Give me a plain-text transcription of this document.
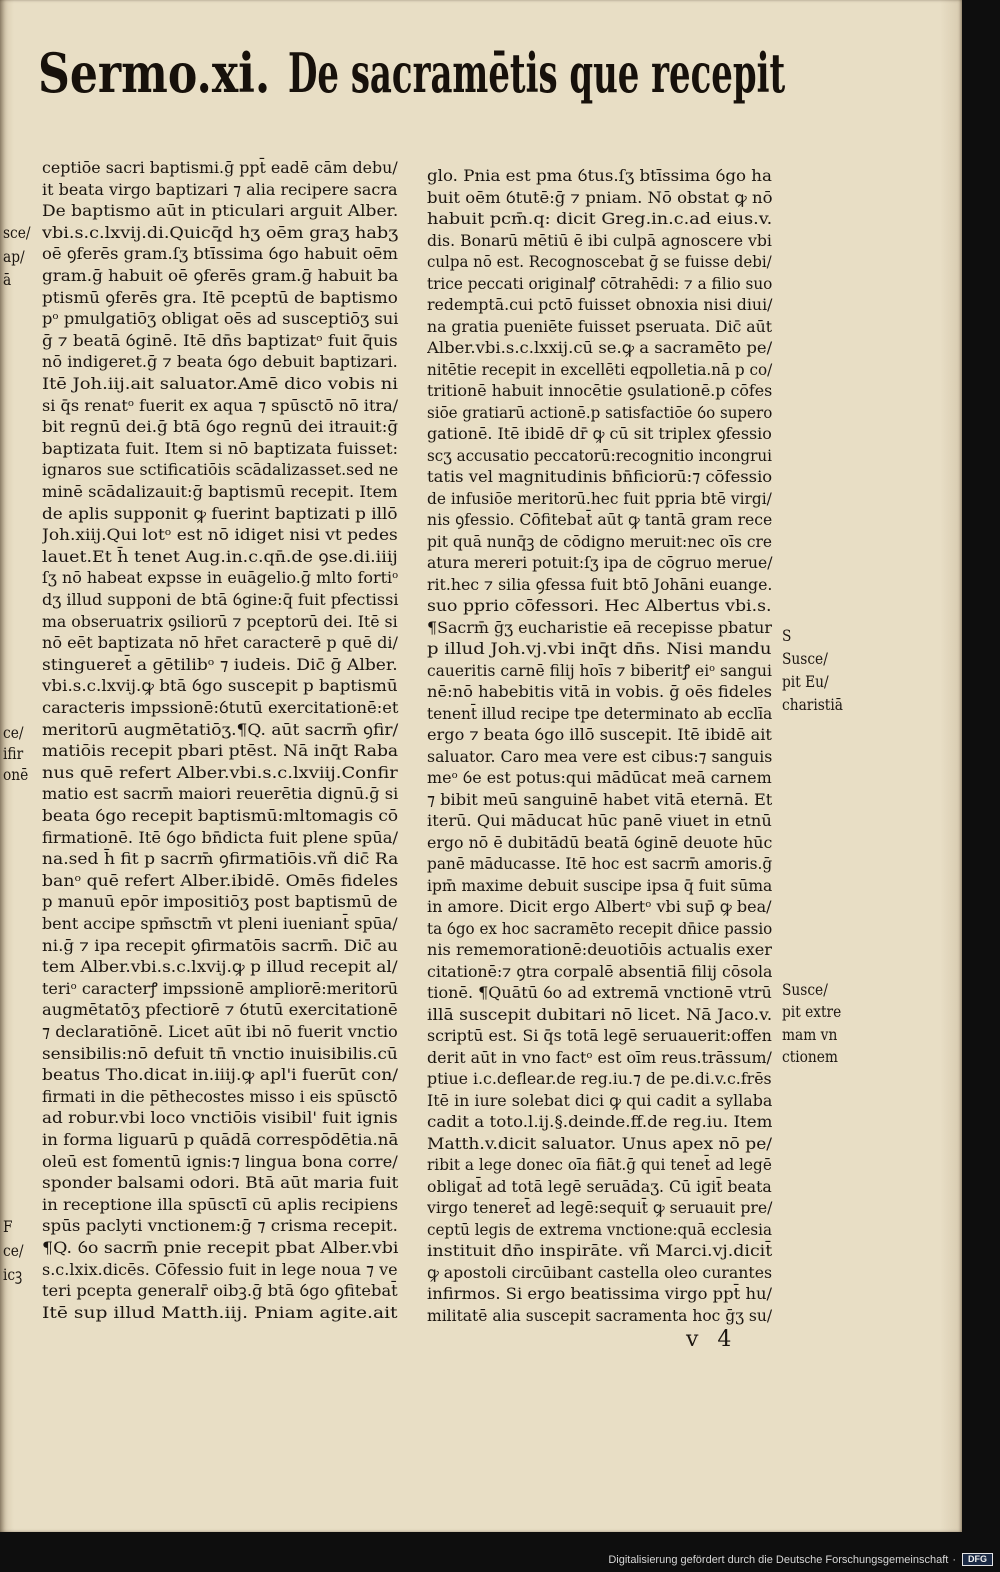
Sermo.xi. De sacramētis que recepit
ceptiōe sacri baptismi.ḡ ppt̄ eadē cām debu/
it beata virgo baptizari ⁊ alia recipere sacra
De baptismo aūt in pticulari arguit Alber.
vbi.s.c.lxvij.di.Quicq̄d hʒ oēm graʒ habʒ
oē ꝯferēs gram.ſʒ btīssima ỽgo habuit oēm
gram.ḡ habuit oē ꝯferēs gram.ḡ habuit ba
ptismū ꝯferēs gra. Itē pceptū de baptismo
pᵒ pmulgatiōʒ obligat oēs ad susceptiōʒ sui
ḡ ⁊ beatā ỽginē. Itē dn̄s baptizatᵒ fuit q̄uis
nō indigeret.ḡ ⁊ beata ỽgo debuit baptizari.
Itē Joh.iij.ait saluator.Amē dico vobis ni
si q̄s renatᵒ fuerit ex aqua ⁊ spūsctō nō itra/
bit regnū dei.ḡ btā ỽgo regnū dei itrauit:ḡ
baptizata fuit. Item si nō baptizata fuisset:
ignaros sue sctificatiōis scādalizasset.sed ne
minē scādalizauit:ḡ baptismū recepit. Item
de aplis supponit ꝙ fuerint baptizati p illō
Joh.xiij.Qui lotᵒ est nō idiget nisi vt pedes
lauet.Et h̄ tenet Aug.in.c.qn̄.de ꝯse.di.iiij
ſʒ nō habeat expsse in euāgelio.ḡ mlto fortiᵒ
dʒ illud supponi de btā ỽgine:q̄ fuit pfectissi
ma obseruatrix ꝯsiliorū ⁊ pceptorū dei. Itē si
nō eēt baptizata nō hr̄et caracterē p quē di/
stingueret̄ a gētilibᵒ ⁊ iudeis. Dic̄ ḡ Alber.
vbi.s.c.lxvij.ꝙ btā ỽgo suscepit p baptismū
caracteris impssionē:ỽtutū exercitationē:et
meritorū augmētatiōʒ.¶Q. aūt sacrm̄ ꝯfir/
matiōis recepit pbari ptēst. Nā inq̄t Raba
nus quē refert Alber.vbi.s.c.lxviij.Confir
matio est sacrm̄ maiori reuerētia dignū.ḡ si
beata ỽgo recepit baptismū:mltomagis cō
firmationē. Itē ỽgo bn̄dicta fuit plene spūa/
na.sed h̄ fit p sacrm̄ ꝯfirmatiōis.vñ dic̄ Ra
banᵒ quē refert Alber.ibidē. Omēs fideles
p manuū epōr impositiōʒ post baptismū de
bent accipe spm̄sctm̄ vt pleni iueniant̄ spūa/
ni.ḡ ⁊ ipa recepit ꝯfirmatōis sacrm̄. Dic̄ au
tem Alber.vbi.s.c.lxvij.ꝙ p illud recepit al/
teriᵒ caracterꝭ impssionē ampliorē:meritorū
augmētatōʒ pfectiorē ⁊ ỽtutū exercitationē
⁊ declaratiōnē. Licet aūt ibi nō fuerit vnctio
sensibilis:nō defuit tn̄ vnctio inuisibilis.cū
beatus Tho.dicat in.iiij.ꝙ apl'i fuerūt con/
firmati in die pēthecostes misso i eis spūsctō
ad robur.vbi loco vnctiōis visibil' fuit ignis
in forma liguarū p quādā correspōdētia.nā
oleū est fomentū ignis:⁊ lingua bona corre/
sponder balsami odori. Btā aūt maria fuit
in receptione illa spūsctī cū aplis recipiens
spūs paclyti vnctionem:ḡ ⁊ crisma recepit.
¶Q. ỽo sacrm̄ pnie recepit pbat Alber.vbi
s.c.lxix.dicēs. Cōfessio fuit in lege noua ⁊ ve
teri pcepta generalr̄ oibꝫ.ḡ btā ỽgo ꝯfitebat̄
Itē sup illud Matth.iij. Pniam agite.ait
glo. Pnia est pma ỽtus.ſʒ btīssima ỽgo ha
buit oēm ỽtutē:ḡ ⁊ pniam. Nō obstat ꝙ nō
habuit pcm̄.q: dicit Greg.in.c.ad eius.v.
dis. Bonarū mētiū ē ibi culpā agnoscere vbi
culpa nō est. Recognoscebat ḡ se fuisse debi/
trice peccati originalꝭ cōtrahēdi: ⁊ a filio suo
redemptā.cui pctō fuisset obnoxia nisi diui/
na gratia pueniēte fuisset pseruata. Dic̄ aūt
Alber.vbi.s.c.lxxij.cū se.ꝙ a sacramēto pe/
nitētie recepit in excellēti eqpolletia.nā p co/
tritionē habuit innocētie ꝯsulationē.p cōfes
siōe gratiarū actionē.p satisfactiōe ỽo supero
gationē. Itē ibidē dr̄ ꝙ cū sit triplex ꝯfessio
scʒ accusatio peccatorū:recognitio incongrui
tatis vel magnitudinis bn̄ficiorū:⁊ cōfessio
de infusiōe meritorū.hec fuit ppria btē virgi/
nis ꝯfessio. Cōfitebat̄ aūt ꝙ tantā gram rece
pit quā nunq̄ꝫ de cōdigno meruit:nec oīs cre
atura mereri potuit:ſʒ ipa de cōgruo merue/
rit.hec ⁊ silia ꝯfessa fuit btō Johāni euange.
suo pprio cōfessori. Hec Albertus vbi.s.
¶Sacrm̄ ḡʒ eucharistie eā recepisse pbatur
p illud Joh.vj.vbi inq̄t dn̄s. Nisi mandu
caueritis carnē filij hoīs ⁊ biberitꝭ eiᵒ sangui
nē:nō habebitis vitā in vobis. ḡ oēs fideles
tenent̄ illud recipe tpe determinato ab ecclīa
ergo ⁊ beata ỽgo illō suscepit. Itē ibidē ait
saluator. Caro mea vere est cibus:⁊ sanguis
meᵒ ỽe est potus:qui mādūcat meā carnem
⁊ bibit meū sanguinē habet vitā eternā. Et
iterū. Qui māducat hūc panē viuet in etnū
ergo nō ē dubitādū beatā ỽginē deuote hūc
panē māducasse. Itē hoc est sacrm̄ amoris.ḡ
ipm̄ maxime debuit suscipe ipsa q̄ fuit sūma
in amore. Dicit ergo Albertᵒ vbi sup̄ ꝙ bea/
ta ỽgo ex hoc sacramēto recepit dn̄ice passio
nis rememorationē:deuotiōis actualis exer
citationē:⁊ ꝯtra corpalē absentiā filij cōsola
tionē. ¶Quātū ỽo ad extremā vnctionē vtrū
illā suscepit dubitari nō licet. Nā Jaco.v.
scriptū est. Si q̄s totā legē seruauerit:offen
derit aūt in vno factᵒ est oīm reus.trāssum/
ptiue i.c.deflear.de reg.iu.⁊ de pe.di.v.c.frēs
Itē in iure solebat dici ꝙ qui cadit a syllaba
cadit a toto.l.ij.§.deinde.ff.de reg.iu. Item
Matth.v.dicit saluator. Unus apex nō pe/
ribit a lege donec oīa fiāt.ḡ qui tenet̄ ad legē
obligat̄ ad totā legē seruādaʒ. Cū igit̄ beata
virgo teneret̄ ad legē:sequit̄ ꝙ seruauit pre/
ceptū legis de extrema vnctione:quā ecclesia
instituit dn̄o inspirāte. vñ Marci.vj.dicit̄
ꝙ apostoli circūibant castella oleo curantes
infirmos. Si ergo beatissima virgo ppt̄ hu/
militatē alia suscepit sacramenta hoc ḡʒ su/
S
Susce/
pit Eu/
charistiā
Susce/
pit extre
mam vn
ctionem
sce/
ap/
ā
ce/
ifir
onē
F
ce/
icꝫ
v 4
Digitalisierung gefördert durch die Deutsche Forschungsgemeinschaft ·	DFG
